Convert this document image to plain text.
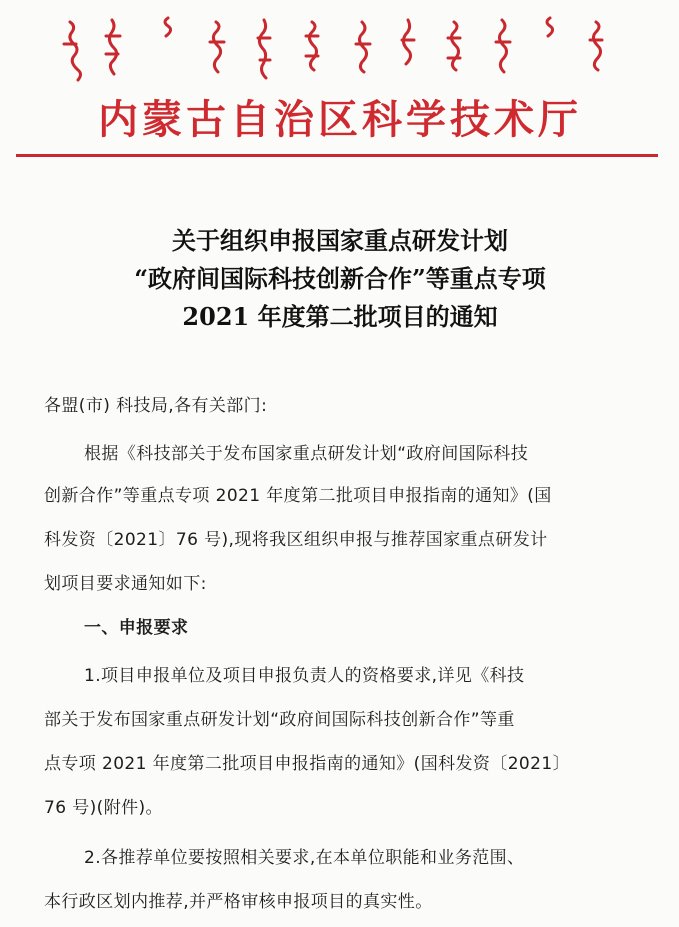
内蒙古自治区科学技术厅
关于组织申报国家重点研发计划
“政府间国际科技创新合作”等重点专项
2021 年度第二批项目的通知
各盟(市) 科技局,各有关部门:
根据《科技部关于发布国家重点研发计划“政府间国际科技
创新合作”等重点专项 2021 年度第二批项目申报指南的通知》(国
科发资〔2021〕76 号),现将我区组织申报与推荐国家重点研发计
划项目要求通知如下:
一、申报要求
1.项目申报单位及项目申报负责人的资格要求,详见《科技
部关于发布国家重点研发计划“政府间国际科技创新合作”等重
点专项 2021 年度第二批项目申报指南的通知》(国科发资〔2021〕
76 号)(附件)。
2.各推荐单位要按照相关要求,在本单位职能和业务范围、
本行政区划内推荐,并严格审核申报项目的真实性。
